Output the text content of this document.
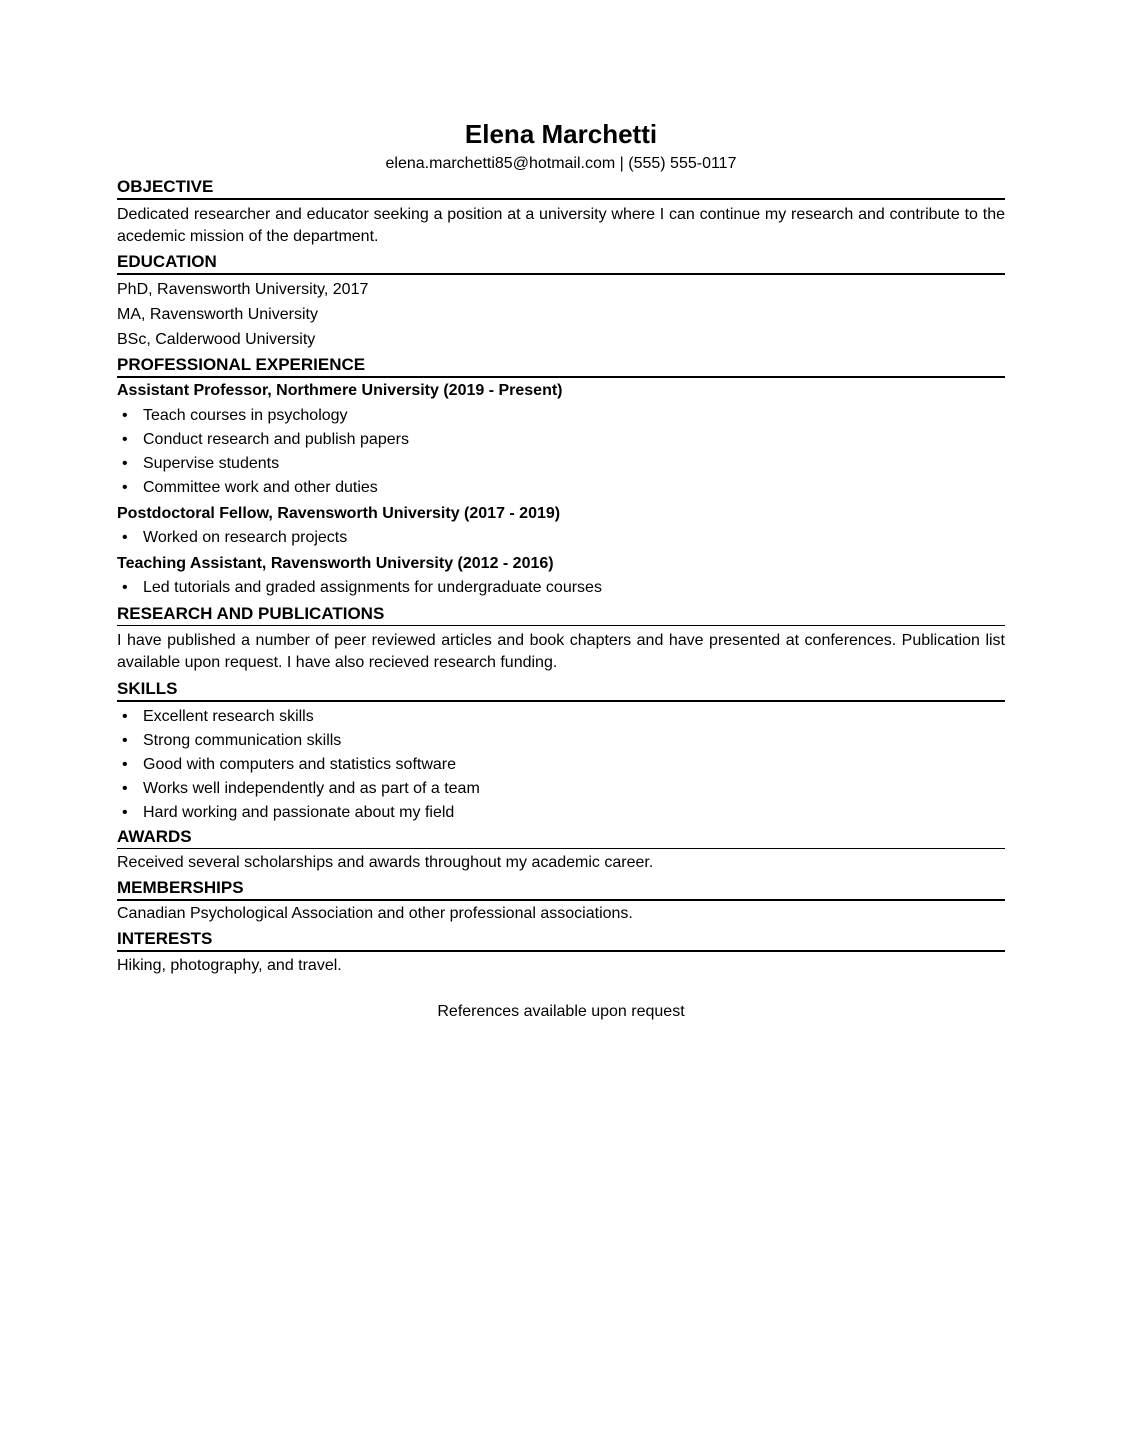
Elena Marchetti
elena.marchetti85@hotmail.com | (555) 555-0117
OBJECTIVE

Dedicated researcher and educator seeking a position at a university where I can continue my research and contribute to the acedemic mission of the department.

EDUCATION

PhD, Ravensworth University, 2017

MA, Ravensworth University

BSc, Calderwood University

PROFESSIONAL EXPERIENCE

Assistant Professor, Northmere University (2019 - Present)

• Teach courses in psychology
• Conduct research and publish papers
• Supervise students
• Committee work and other duties

Postdoctoral Fellow, Ravensworth University (2017 - 2019)

• Worked on research projects

Teaching Assistant, Ravensworth University (2012 - 2016)

• Led tutorials and graded assignments for undergraduate courses
RESEARCH AND PUBLICATIONS

I have published a number of peer reviewed articles and book chapters and have presented at conferences. Publication list available upon request. I have also recieved research funding.

SKILLS
• Excellent research skills
• Strong communication skills
• Good with computers and statistics software
• Works well independently and as part of a team
• Hard working and passionate about my field
AWARDS

Received several scholarships and awards throughout my academic career.

MEMBERSHIPS

Canadian Psychological Association and other professional associations.

INTERESTS

Hiking, photography, and travel.

References available upon request
